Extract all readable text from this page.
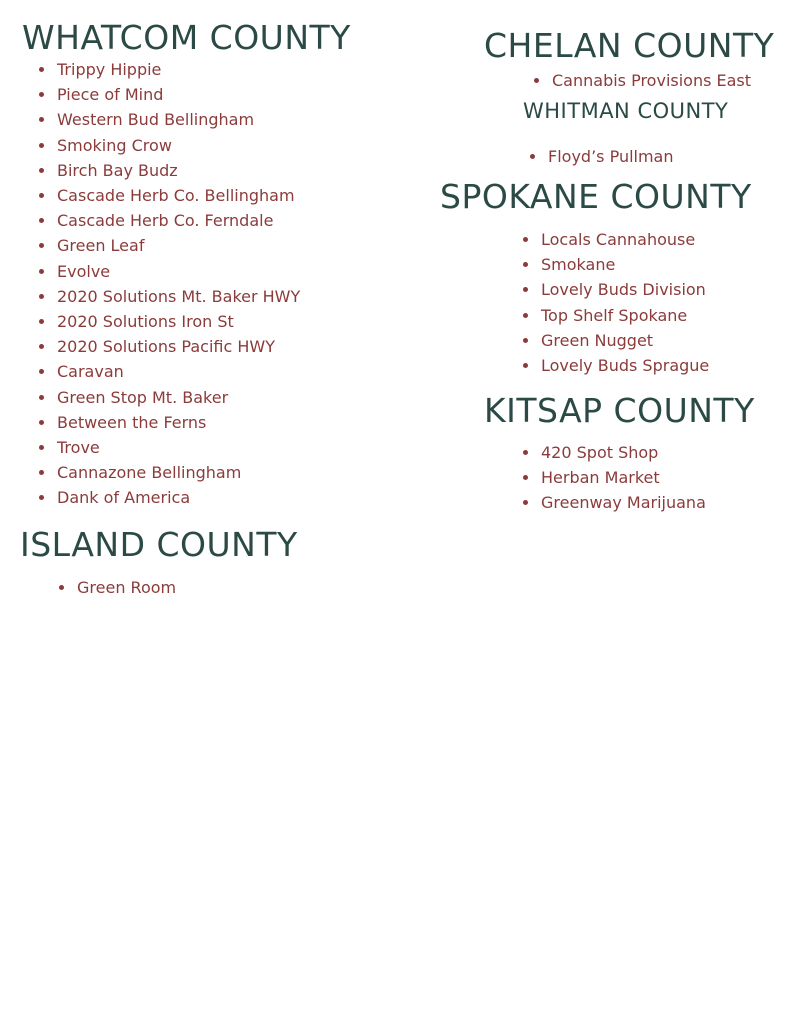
WHATCOM COUNTY
Trippy Hippie
Piece of Mind
Western Bud Bellingham
Smoking Crow
Birch Bay Budz
Cascade Herb Co. Bellingham
Cascade Herb Co. Ferndale
Green Leaf
Evolve
2020 Solutions Mt. Baker HWY
2020 Solutions Iron St
2020 Solutions Pacific HWY
Caravan
Green Stop Mt. Baker
Between the Ferns
Trove
Cannazone Bellingham
Dank of America
ISLAND COUNTY
Green Room
CHELAN COUNTY
Cannabis Provisions East
WHITMAN COUNTY
Floyd’s Pullman
SPOKANE COUNTY
Locals Cannahouse
Smokane
Lovely Buds Division
Top Shelf Spokane
Green Nugget
Lovely Buds Sprague
KITSAP COUNTY
420 Spot Shop
Herban Market
Greenway Marijuana
